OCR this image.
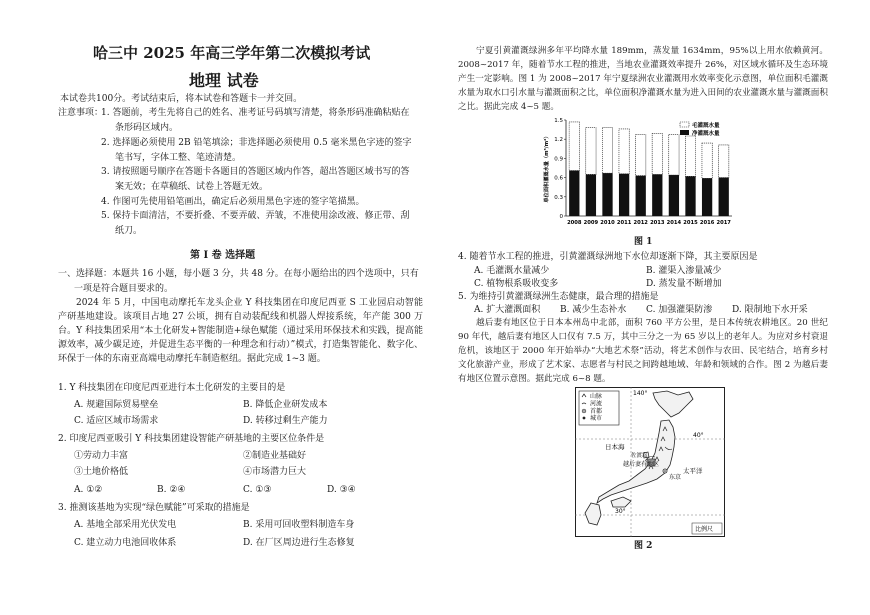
哈三中 2025 年高三学年第二次模拟考试
地理 试卷
本试卷共100分。考试结束后，将本试卷和答题卡一并交回。
注意事项：
1. 答题前，考生先将自己的姓名、准考证号码填写清楚，将条形码准确粘贴在
条形码区域内。
2. 选择题必须使用 2B 铅笔填涂；非选择题必须使用 0.5 毫米黑色字迹的签字
笔书写，字体工整、笔迹清楚。
3. 请按照题号顺序在答题卡各题目的答题区域内作答，超出答题区域书写的答
案无效；在草稿纸、试卷上答题无效。
4. 作图可先使用铅笔画出，确定后必须用黑色字迹的签字笔描黑。
5. 保持卡面清洁，不要折叠、不要弄破、弄皱，不准使用涂改液、修正带、刮
纸刀。
第 I 卷 选择题
一、选择题：本题共 16 小题，每小题 3 分，共 48 分。在每小题给出的四个选项中，只有
一项是符合题目要求的。
2024 年 5 月，中国电动摩托车龙头企业 Y 科技集团在印度尼西亚 S 工业园启动智能产研基地建设。该项目占地 27 公顷，拥有自动装配线和机器人焊接系统，年产能 300 万台。Y 科技集团采用“本土化研发+智能制造+绿色赋能（通过采用环保技术和实践，提高能源效率，减少碳足迹，并促进生态平衡的一种理念和行动）”模式，打造集智能化、数字化、环保于一体的东南亚高端电动摩托车制造枢纽。据此完成 1~3 题。
1. Y 科技集团在印度尼西亚进行本土化研发的主要目的是
A. 规避国际贸易壁垒	B. 降低企业研发成本
C. 适应区域市场需求	D. 转移过剩生产能力
2. 印度尼西亚吸引 Y 科技集团建设智能产研基地的主要区位条件是
①劳动力丰富	②制造业基础好
③土地价格低	④市场潜力巨大
A. ①②	B. ②④	C. ①③	D. ③④
3. 推测该基地为实现“绿色赋能”可采取的措施是
A. 基地全部采用光伏发电	B. 采用可回收塑料制造车身
C. 建立动力电池回收体系	D. 在厂区周边进行生态修复
宁夏引黄灌溉绿洲多年平均降水量 189mm，蒸发量 1634mm，95%以上用水依赖黄河。2008~2017 年，随着节水工程的推进，当地农业灌溉效率提升 26%，对区域水循环及生态环境产生一定影响。图 1 为 2008~2017 年宁夏绿洲农业灌溉用水效率变化示意图，单位面积毛灌溉水量为取水口引水量与灌溉面积之比，单位面积净灌溉水量为进入田间的农业灌溉水量与灌溉面积之比。据此完成 4~5 题。
0
0.3
0.6
0.9
1.2
1.5
单位面积灌溉水量（m³/m²）
2008 2009 2010 2011 2012 2013 2014 2015 2016 2017
毛灌溉水量
净灌溉水量
图 1
4. 随着节水工程的推进，引黄灌溉绿洲地下水位却逐渐下降，其主要原因是
A. 毛灌溉水量减少	B. 灌渠入渗量减少
C. 植物根系吸收变多	D. 蒸发量不断增加
5. 为维持引黄灌溉绿洲生态健康，最合理的措施是
A. 扩大灌溉面积 B. 减少生态补水 C. 加强灌渠防渗 D. 限制地下水开采
越后妻有地区位于日本本州岛中北部，面积 760 平方公里，是日本传统农耕地区。20 世纪 90 年代，越后妻有地区人口仅有 7.5 万，其中三分之一为 65 岁以上的老年人。为应对乡村衰退危机，该地区于 2000 年开始举办“大地艺术祭”活动，将艺术创作与农田、民宅结合，培育乡村文化旅游产业，形成了艺术家、志愿者与村民之间跨越地域、年龄和领域的合作。图 2 为越后妻有地区位置示意图。据此完成 6~8 题。
山脉
河流
首都
城市
140°
40°
30°
日本海
太平洋
越后妻有地区
东京
佐渡岛
比例尺
图 2
